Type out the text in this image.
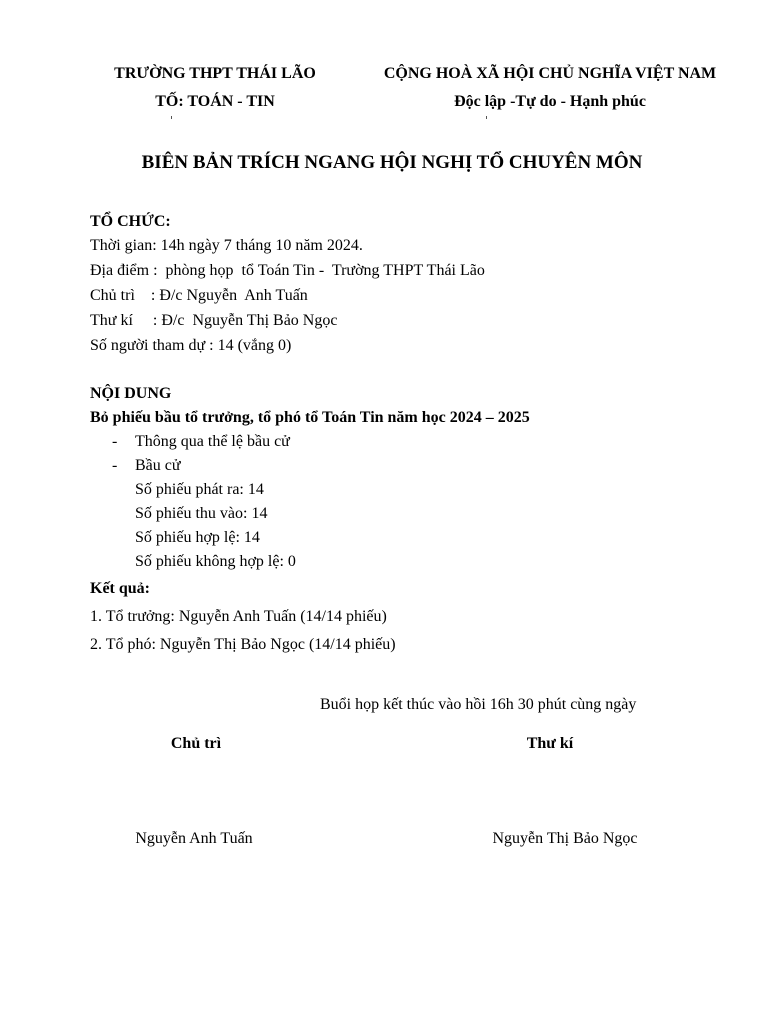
TRƯỜNG THPT THÁI LÃO
TỐ: TOÁN - TIN
CỘNG HOÀ XÃ HỘI CHỦ NGHĨA VIỆT NAM
Độc lập -Tự do - Hạnh phúc
BIÊN BẢN TRÍCH NGANG HỘI NGHỊ TỔ CHUYÊN MÔN
TỔ CHỨC:
Thời gian: 14h ngày 7 tháng 10 năm 2024.
Địa điểm :  phòng họp  tổ Toán Tin -  Trường THPT Thái Lão
Chủ trì    : Đ/c Nguyễn  Anh Tuấn
Thư kí     : Đ/c  Nguyễn Thị Bảo Ngọc
Số người tham dự : 14 (vắng 0)
NỘI DUNG
Bỏ phiếu bầu tổ trưởng, tổ phó tổ Toán Tin năm học 2024 – 2025
- Thông qua thể lệ bầu cử
- Bầu cử
Số phiếu phát ra: 14
Số phiếu thu vào: 14
Số phiếu hợp lệ: 14
Số phiếu không hợp lệ: 0
Kết quả:
1. Tổ trưởng: Nguyễn Anh Tuấn (14/14 phiếu)
2. Tổ phó: Nguyễn Thị Bảo Ngọc (14/14 phiếu)
Buổi họp kết thúc vào hồi 16h 30 phút cùng ngày
Chủ trì	Thư kí
Nguyễn Anh Tuấn	Nguyễn Thị Bảo Ngọc
